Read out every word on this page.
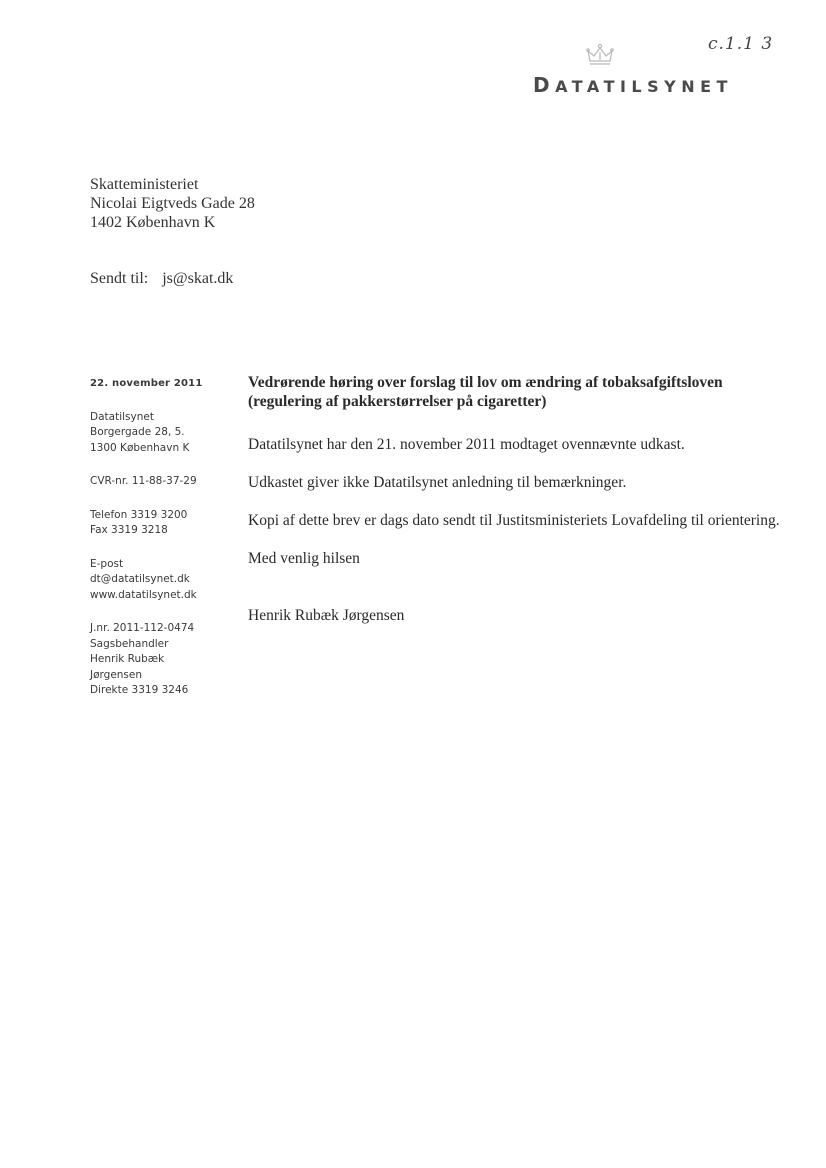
c.1.1 3
DATATILSYNET
Skatteministeriet
Nicolai Eigtveds Gade 28
1402 København K
Sendt til: js@skat.dk
22. november 2011
Datatilsynet
Borgergade 28, 5.
1300 København K
CVR-nr. 11-88-37-29
Telefon 3319 3200
Fax 3319 3218
E-post
dt@datatilsynet.dk
www.datatilsynet.dk
J.nr. 2011-112-0474
Sagsbehandler
Henrik Rubæk
Jørgensen
Direkte 3319 3246
Vedrørende høring over forslag til lov om ændring af tobaksafgiftsloven
(regulering af pakkerstørrelser på cigaretter)

Datatilsynet har den 21. november 2011 modtaget ovennævnte udkast.

Udkastet giver ikke Datatilsynet anledning til bemærkninger.

Kopi af dette brev er dags dato sendt til Justitsministeriets Lovafdeling til orientering.

Med venlig hilsen

Henrik Rubæk Jørgensen
